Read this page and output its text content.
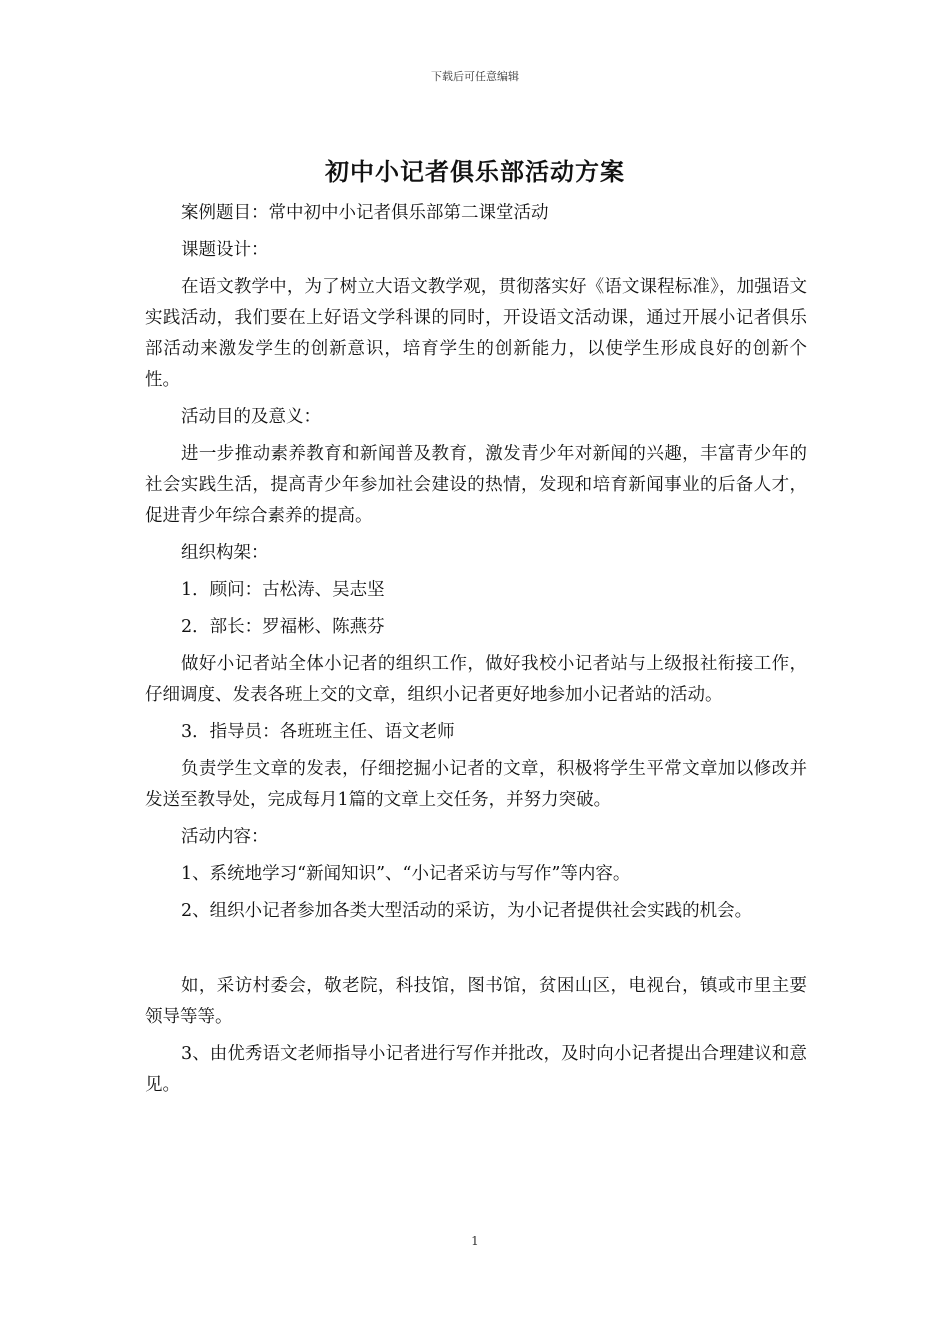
下载后可任意编辑
初中小记者俱乐部活动方案

案例题目：常中初中小记者俱乐部第二课堂活动

课题设计：

在语文教学中，为了树立大语文教学观，贯彻落实好《语文课程标准》，加强语文实践活动，我们要在上好语文学科课的同时，开设语文活动课，通过开展小记者俱乐部活动来激发学生的创新意识，培育学生的创新能力，以使学生形成良好的创新个性。

活动目的及意义：

进一步推动素养教育和新闻普及教育，激发青少年对新闻的兴趣，丰富青少年的社会实践生活，提高青少年参加社会建设的热情，发现和培育新闻事业的后备人才，促进青少年综合素养的提高。

组织构架：

1．顾问：古松涛、吴志坚

2．部长：罗福彬、陈燕芬

做好小记者站全体小记者的组织工作，做好我校小记者站与上级报社衔接工作，仔细调度、发表各班上交的文章，组织小记者更好地参加小记者站的活动。

3．指导员：各班班主任、语文老师

负责学生文章的发表，仔细挖掘小记者的文章，积极将学生平常文章加以修改并发送至教导处，完成每月1篇的文章上交任务，并努力突破。

活动内容：

1、系统地学习“新闻知识”、“小记者采访与写作”等内容。

2、组织小记者参加各类大型活动的采访，为小记者提供社会实践的机会。

如，采访村委会，敬老院，科技馆，图书馆，贫困山区，电视台，镇或市里主要领导等等。

3、由优秀语文老师指导小记者进行写作并批改，及时向小记者提出合理建议和意见。

1
